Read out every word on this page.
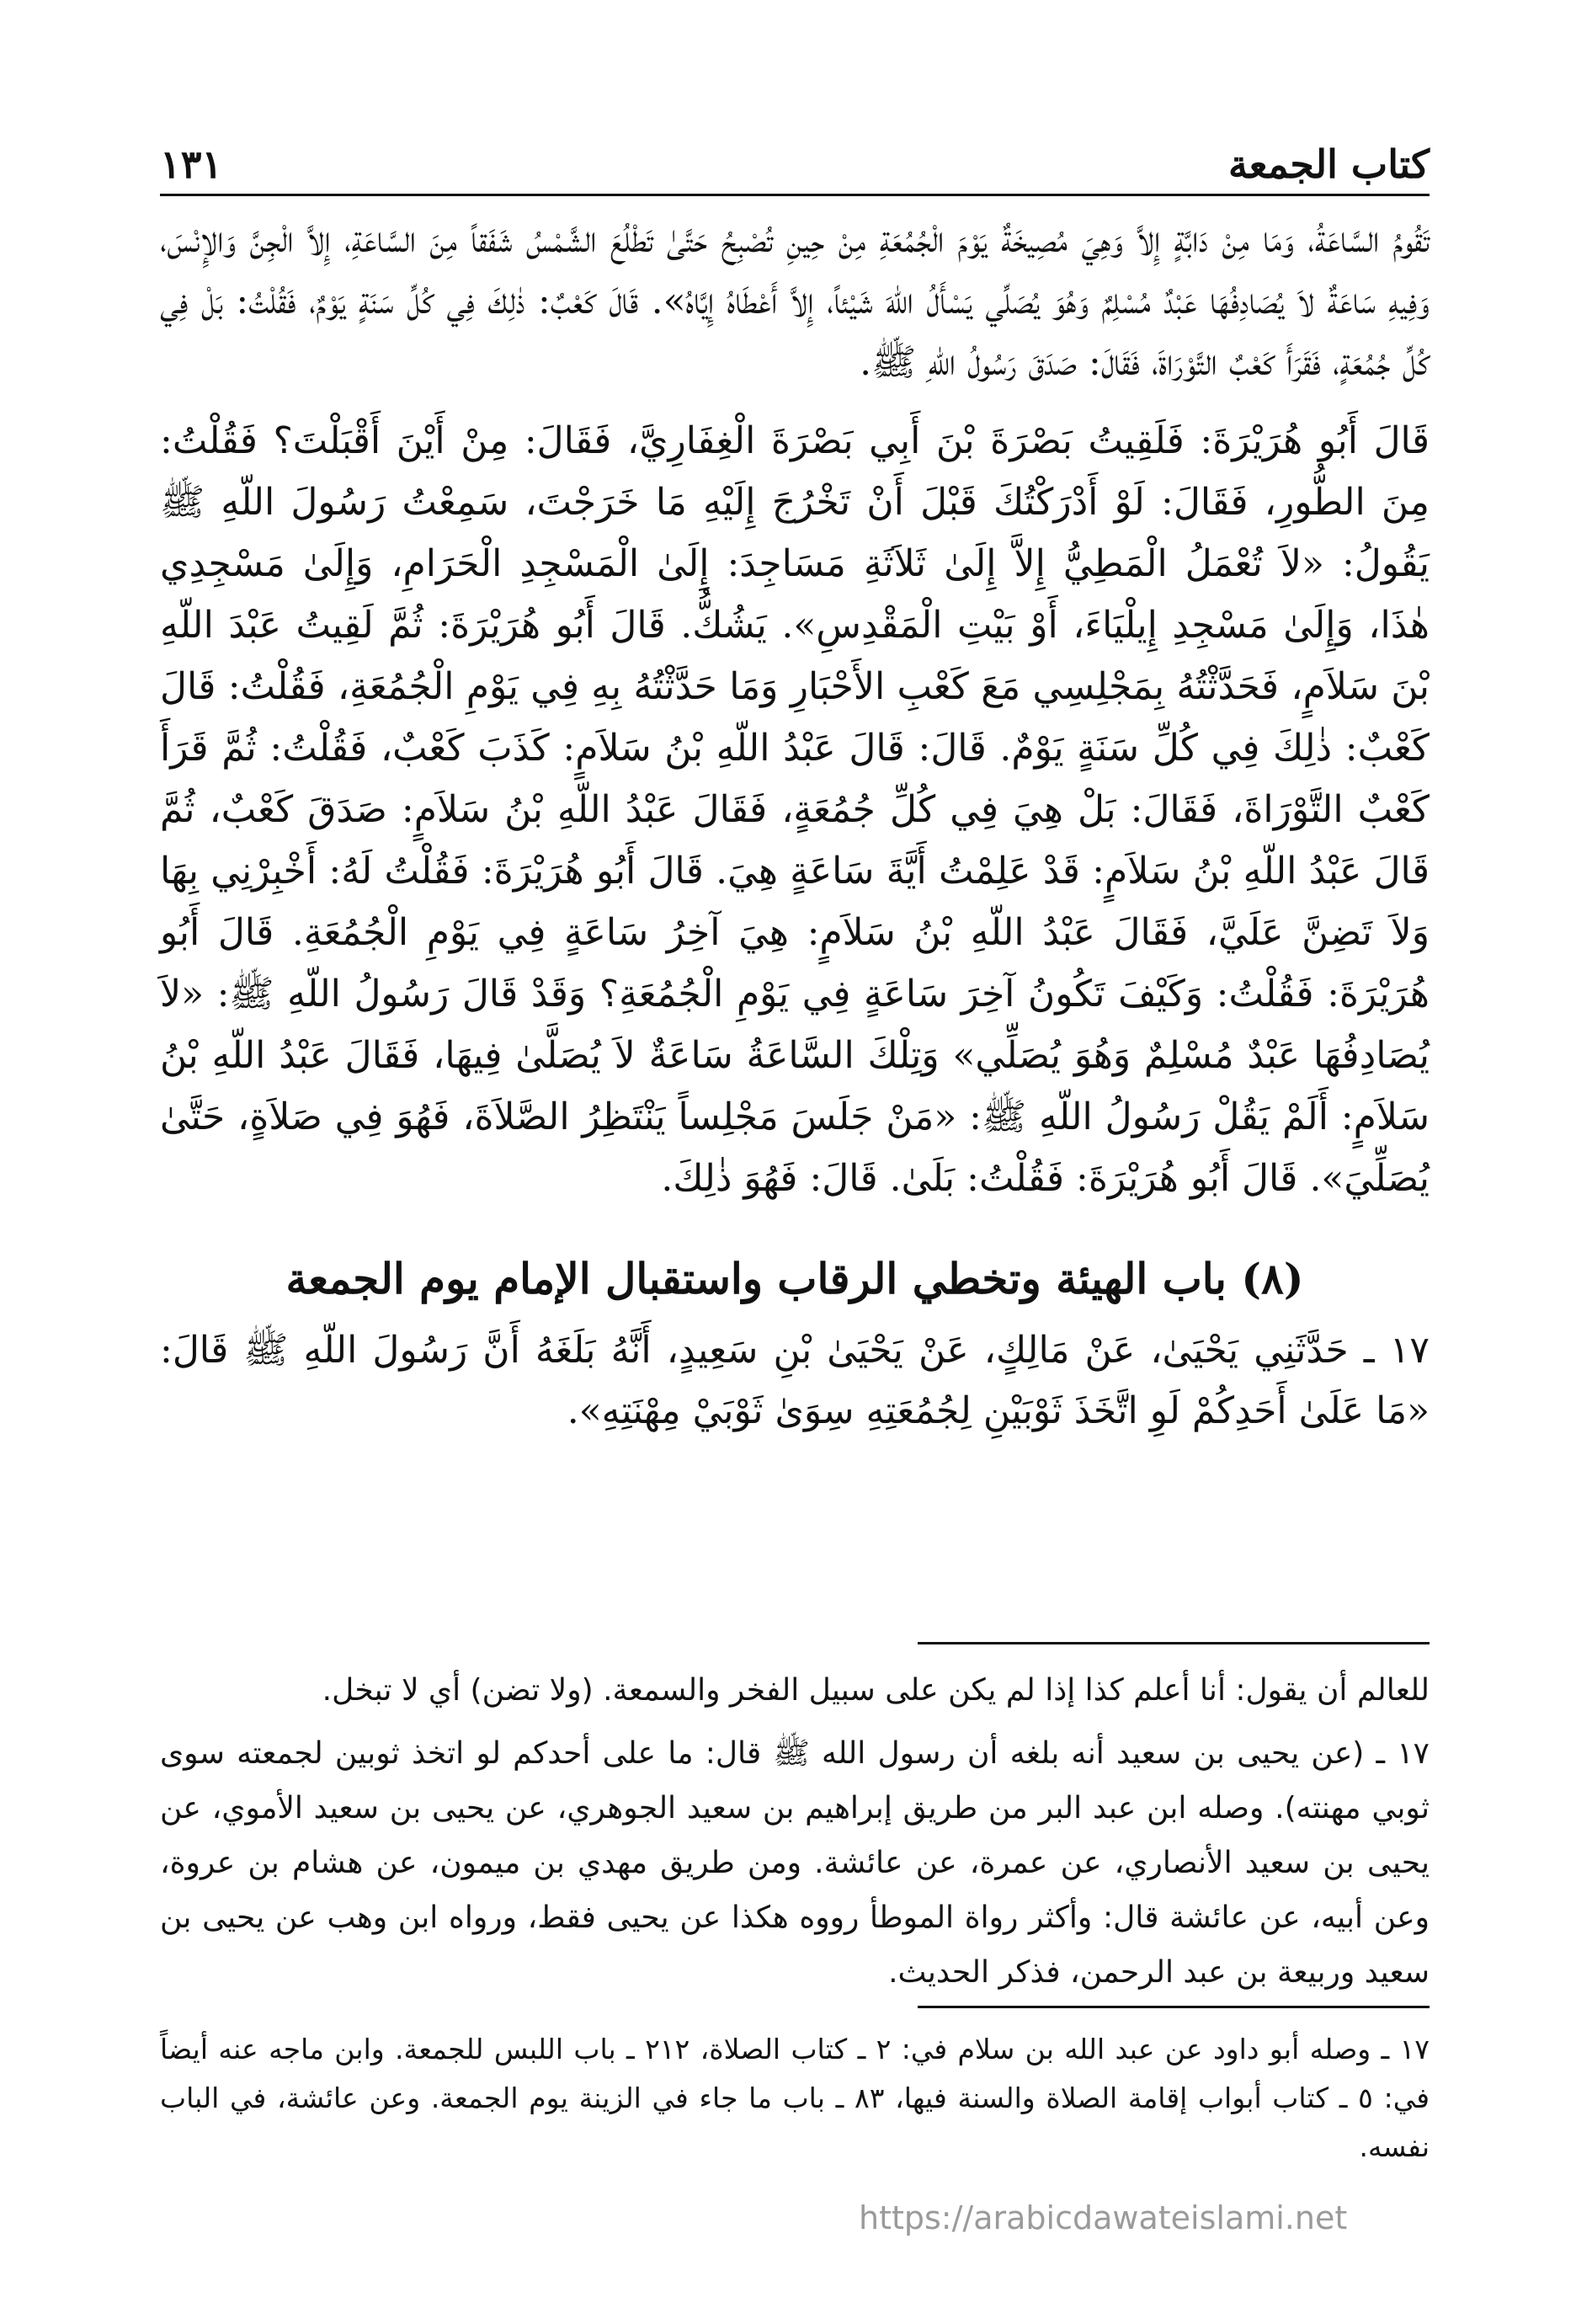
كتاب الجمعة
١٣١

تَقُومُ السَّاعَةُ، وَمَا مِنْ دَابَّةٍ إِلاَّ وَهِيَ مُصِيخَةٌ يَوْمَ الْجُمُعَةِ مِنْ حِينِ تُصْبِحُ حَتَّىٰ تَطْلُعَ الشَّمْسُ شَفَقاً مِنَ السَّاعَةِ، إِلاَّ الْجِنَّ وَالإِنْسَ، وَفِيهِ سَاعَةٌ لاَ يُصَادِفُهَا عَبْدٌ مُسْلِمٌ وَهُوَ يُصَلِّي يَسْأَلُ اللّهَ شَيْئاً، إِلاَّ أَعْطَاهُ إِيَّاهُ». قَالَ كَعْبٌ: ذٰلِكَ فِي كُلِّ سَنَةٍ يَوْمٌ، فَقُلْتُ: بَلْ فِي كُلِّ جُمُعَةٍ، فَقَرَأَ كَعْبٌ التَّوْرَاةَ، فَقَالَ: صَدَقَ رَسُولُ اللّهِ ﷺ.

قَالَ أَبُو هُرَيْرَةَ: فَلَقِيتُ بَصْرَةَ بْنَ أَبِي بَصْرَةَ الْغِفَارِيَّ، فَقَالَ: مِنْ أَيْنَ أَقْبَلْتَ؟ فَقُلْتُ: مِنَ الطُّورِ، فَقَالَ: لَوْ أَدْرَكْتُكَ قَبْلَ أَنْ تَخْرُجَ إِلَيْهِ مَا خَرَجْتَ، سَمِعْتُ رَسُولَ اللّهِ ﷺ يَقُولُ: «لاَ تُعْمَلُ الْمَطِيُّ إِلاَّ إِلَىٰ ثَلاَثَةِ مَسَاجِدَ: إِلَىٰ الْمَسْجِدِ الْحَرَامِ، وَإِلَىٰ مَسْجِدِي هٰذَا، وَإِلَىٰ مَسْجِدِ إِيلْيَاءَ، أَوْ بَيْتِ الْمَقْدِسِ». يَشُكُّ. قَالَ أَبُو هُرَيْرَةَ: ثُمَّ لَقِيتُ عَبْدَ اللّهِ بْنَ سَلاَمٍ، فَحَدَّثْتُهُ بِمَجْلِسِي مَعَ كَعْبِ الأَحْبَارِ وَمَا حَدَّثْتُهُ بِهِ فِي يَوْمِ الْجُمُعَةِ، فَقُلْتُ: قَالَ كَعْبٌ: ذٰلِكَ فِي كُلِّ سَنَةٍ يَوْمٌ. قَالَ: قَالَ عَبْدُ اللّهِ بْنُ سَلاَمٍ: كَذَبَ كَعْبٌ، فَقُلْتُ: ثُمَّ قَرَأَ كَعْبٌ التَّوْرَاةَ، فَقَالَ: بَلْ هِيَ فِي كُلِّ جُمُعَةٍ، فَقَالَ عَبْدُ اللّهِ بْنُ سَلاَمٍ: صَدَقَ كَعْبٌ، ثُمَّ قَالَ عَبْدُ اللّهِ بْنُ سَلاَمٍ: قَدْ عَلِمْتُ أَيَّةَ سَاعَةٍ هِيَ. قَالَ أَبُو هُرَيْرَةَ: فَقُلْتُ لَهُ: أَخْبِرْنِي بِهَا وَلاَ تَضِنَّ عَلَيَّ، فَقَالَ عَبْدُ اللّهِ بْنُ سَلاَمٍ: هِيَ آخِرُ سَاعَةٍ فِي يَوْمِ الْجُمُعَةِ. قَالَ أَبُو هُرَيْرَةَ: فَقُلْتُ: وَكَيْفَ تَكُونُ آخِرَ سَاعَةٍ فِي يَوْمِ الْجُمُعَةِ؟ وَقَدْ قَالَ رَسُولُ اللّهِ ﷺ: «لاَ يُصَادِفُهَا عَبْدٌ مُسْلِمٌ وَهُوَ يُصَلِّي» وَتِلْكَ السَّاعَةُ سَاعَةٌ لاَ يُصَلَّىٰ فِيهَا، فَقَالَ عَبْدُ اللّهِ بْنُ سَلاَمٍ: أَلَمْ يَقُلْ رَسُولُ اللّهِ ﷺ: «مَنْ جَلَسَ مَجْلِساً يَنْتَظِرُ الصَّلاَةَ، فَهُوَ فِي صَلاَةٍ، حَتَّىٰ يُصَلِّيَ». قَالَ أَبُو هُرَيْرَةَ: فَقُلْتُ: بَلَىٰ. قَالَ: فَهُوَ ذٰلِكَ.

(٨) باب الهيئة وتخطي الرقاب واستقبال الإمام يوم الجمعة

١٧ ـ حَدَّثَنِي يَحْيَىٰ، عَنْ مَالِكٍ، عَنْ يَحْيَىٰ بْنِ سَعِيدٍ، أَنَّهُ بَلَغَهُ أَنَّ رَسُولَ اللّهِ ﷺ قَالَ: «مَا عَلَىٰ أَحَدِكُمْ لَوِ اتَّخَذَ ثَوْبَيْنِ لِجُمُعَتِهِ سِوَىٰ ثَوْبَيْ مِهْنَتِهِ».

للعالم أن يقول: أنا أعلم كذا إذا لم يكن على سبيل الفخر والسمعة. (ولا تضن) أي لا تبخل.

١٧ ـ (عن يحيى بن سعيد أنه بلغه أن رسول الله ﷺ قال: ما على أحدكم لو اتخذ ثوبين لجمعته سوى ثوبي مهنته). وصله ابن عبد البر من طريق إبراهيم بن سعيد الجوهري، عن يحيى بن سعيد الأموي، عن يحيى بن سعيد الأنصاري، عن عمرة، عن عائشة. ومن طريق مهدي بن ميمون، عن هشام بن عروة، وعن أبيه، عن عائشة قال: وأكثر رواة الموطأ رووه هكذا عن يحيى فقط، ورواه ابن وهب عن يحيى بن سعيد وربيعة بن عبد الرحمن، فذكر الحديث.

١٧ ـ وصله أبو داود عن عبد الله بن سلام في: ٢ ـ كتاب الصلاة، ٢١٢ ـ باب اللبس للجمعة. وابن ماجه عنه أيضاً في: ٥ ـ كتاب أبواب إقامة الصلاة والسنة فيها، ٨٣ ـ باب ما جاء في الزينة يوم الجمعة. وعن عائشة، في الباب نفسه.

https://arabicdawateislami.net
